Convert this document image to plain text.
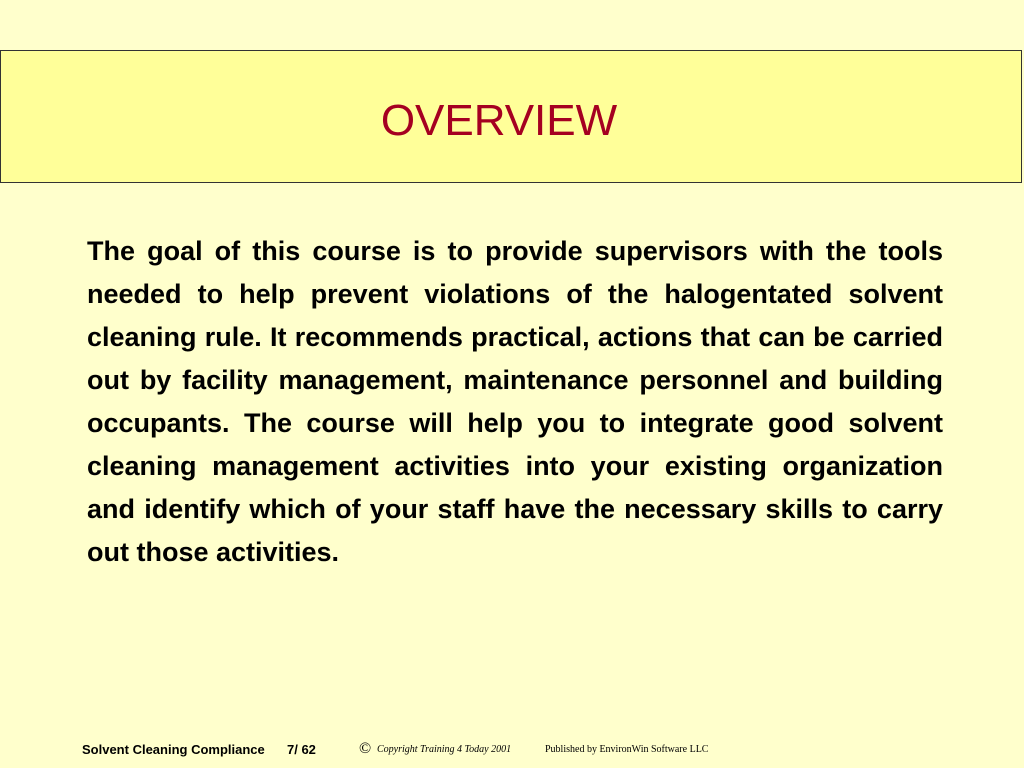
OVERVIEW

The goal of this course is to provide supervisors with the tools needed to help prevent violations of the halogentated solvent cleaning rule. It recommends practical, actions that can be carried out by facility management, maintenance personnel and building occupants. The course will help you to integrate good solvent cleaning management activities into your existing organization and identify which of your staff have the necessary skills to carry out those activities.

Solvent Cleaning Compliance 7/ 62	© Copyright Training 4 Today 2001	Published by EnvironWin Software LLC
